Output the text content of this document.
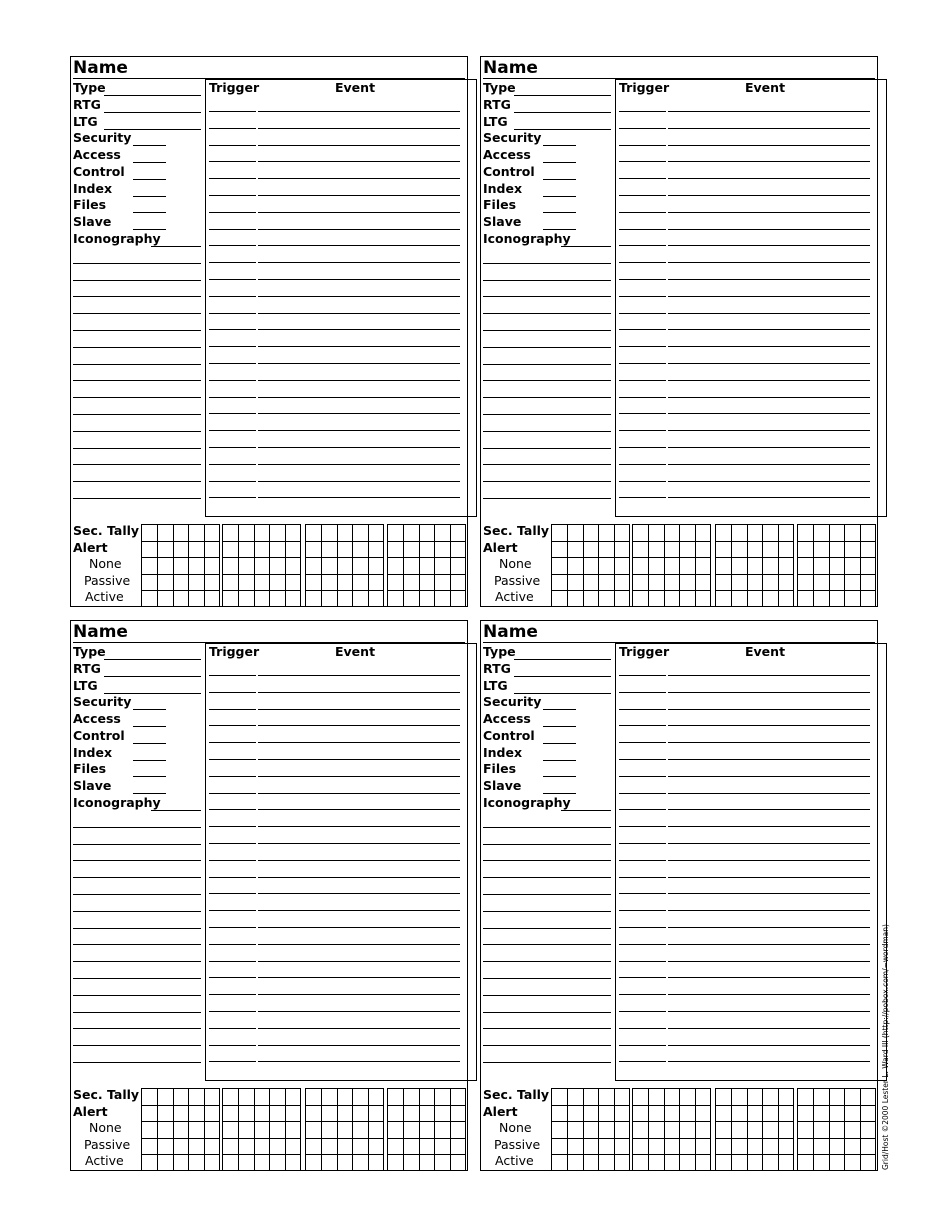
Name
Type
RTG
LTG
Security
Access
Control
Index
Files
Slave
Iconography
Trigger	Event
Sec. Tally
Alert
None
Passive
Active
Name
Type
RTG
LTG
Security
Access
Control
Index
Files
Slave
Iconography
Trigger	Event
Sec. Tally
Alert
None
Passive
Active
Name
Type
RTG
LTG
Security
Access
Control
Index
Files
Slave
Iconography
Trigger	Event
Sec. Tally
Alert
None
Passive
Active
Name
Type
RTG
LTG
Security
Access
Control
Index
Files
Slave
Iconography
Trigger	Event
Sec. Tally
Alert
None
Passive
Active	Grid/Host ©2000 Lester L. Ward III (http://pobox.com/~wordman)
